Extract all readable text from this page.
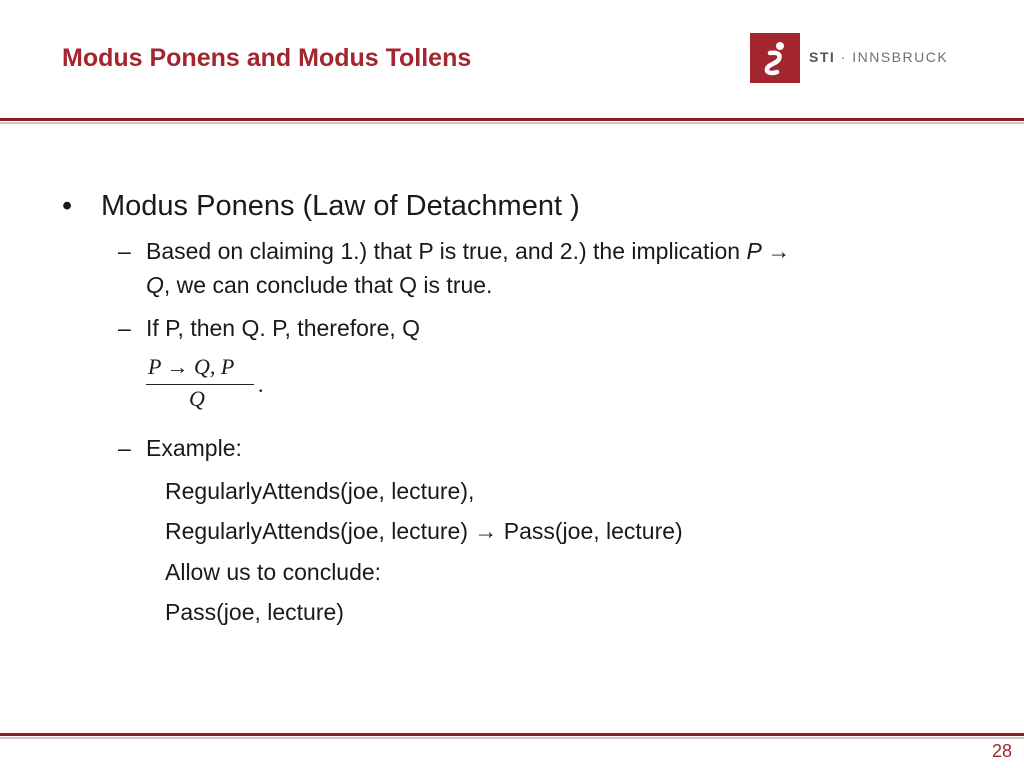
Modus Ponens and Modus Tollens	STI · INNSBRUCK
• Modus Ponens (Law of Detachment )
– Based on claiming 1.) that P is true, and 2.) the implication P →
Q, we can conclude that Q is true.
– If P, then Q. P, therefore, Q
P → Q, P
Q
.
– Example:
RegularlyAttends(joe, lecture),
RegularlyAttends(joe, lecture) → Pass(joe, lecture)
Allow us to conclude:
Pass(joe, lecture)
28
